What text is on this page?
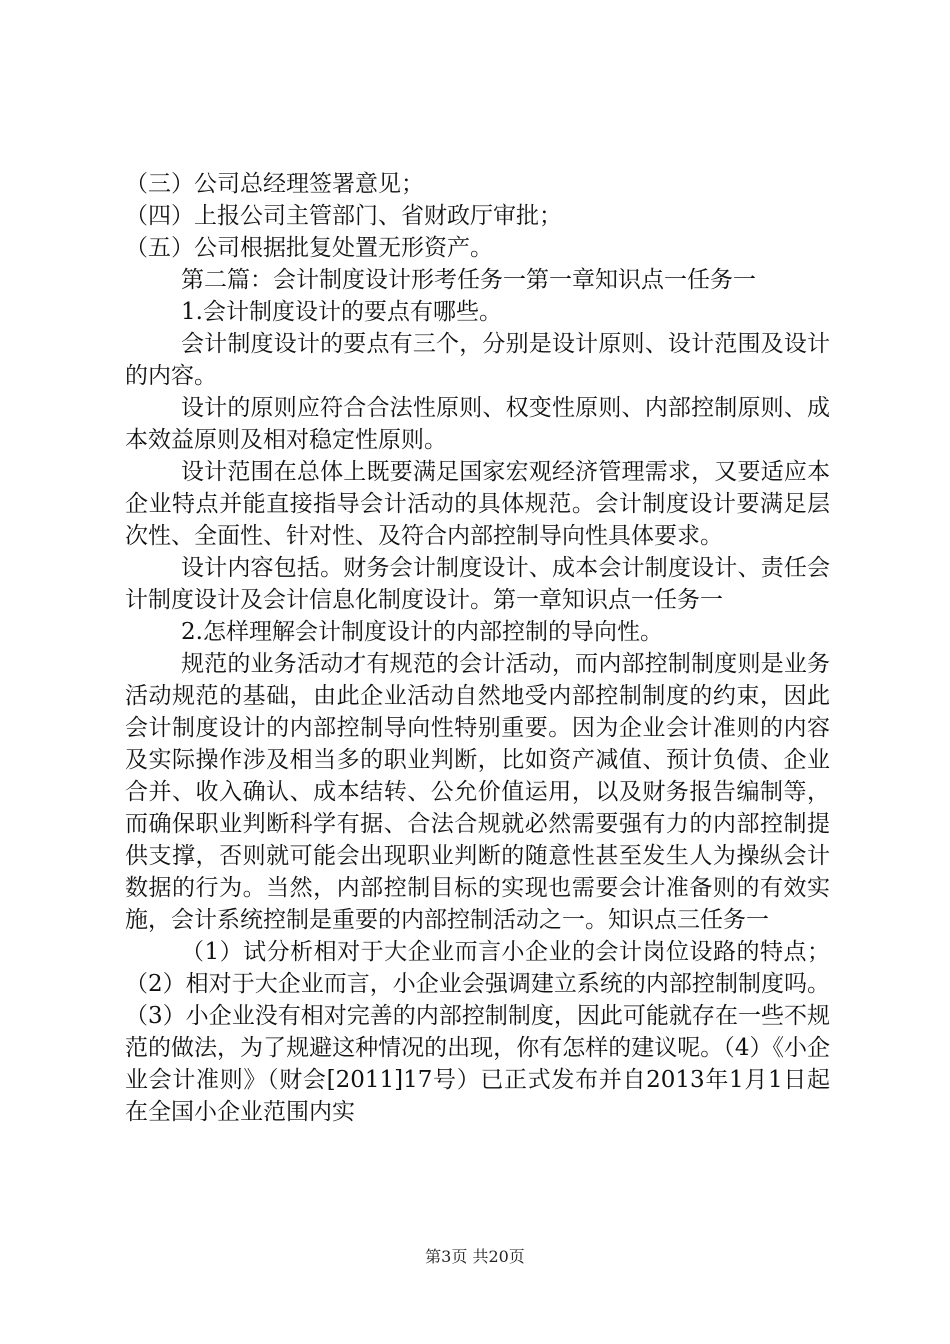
（三）公司总经理签署意见；

（四）上报公司主管部门、省财政厅审批；

（五）公司根据批复处置无形资产。

第二篇：会计制度设计形考任务一第一章知识点一任务一

1.会计制度设计的要点有哪些。

会计制度设计的要点有三个，分别是设计原则、设计范围及设计的内容。

设计的原则应符合合法性原则、权变性原则、内部控制原则、成本效益原则及相对稳定性原则。

设计范围在总体上既要满足国家宏观经济管理需求，又要适应本企业特点并能直接指导会计活动的具体规范。会计制度设计要满足层次性、全面性、针对性、及符合内部控制导向性具体要求。

设计内容包括。财务会计制度设计、成本会计制度设计、责任会计制度设计及会计信息化制度设计。第一章知识点一任务一

2.怎样理解会计制度设计的内部控制的导向性。

规范的业务活动才有规范的会计活动，而内部控制制度则是业务活动规范的基础，由此企业活动自然地受内部控制制度的约束，因此会计制度设计的内部控制导向性特别重要。因为企业会计准则的内容及实际操作涉及相当多的职业判断，比如资产减值、预计负债、企业合并、收入确认、成本结转、公允价值运用，以及财务报告编制等，而确保职业判断科学有据、合法合规就必然需要强有力的内部控制提供支撑，否则就可能会出现职业判断的随意性甚至发生人为操纵会计数据的行为。当然，内部控制目标的实现也需要会计准备则的有效实施，会计系统控制是重要的内部控制活动之一。知识点三任务一

（1）试分析相对于大企业而言小企业的会计岗位设路的特点；（2）相对于大企业而言，小企业会强调建立系统的内部控制制度吗。（3）小企业没有相对完善的内部控制制度，因此可能就存在一些不规范的做法，为了规避这种情况的出现，你有怎样的建议呢。（4）《小企业会计准则》（财会[2011]17号）已正式发布并自2013年1月1日起在全国小企业范围内实

第3页 共20页
